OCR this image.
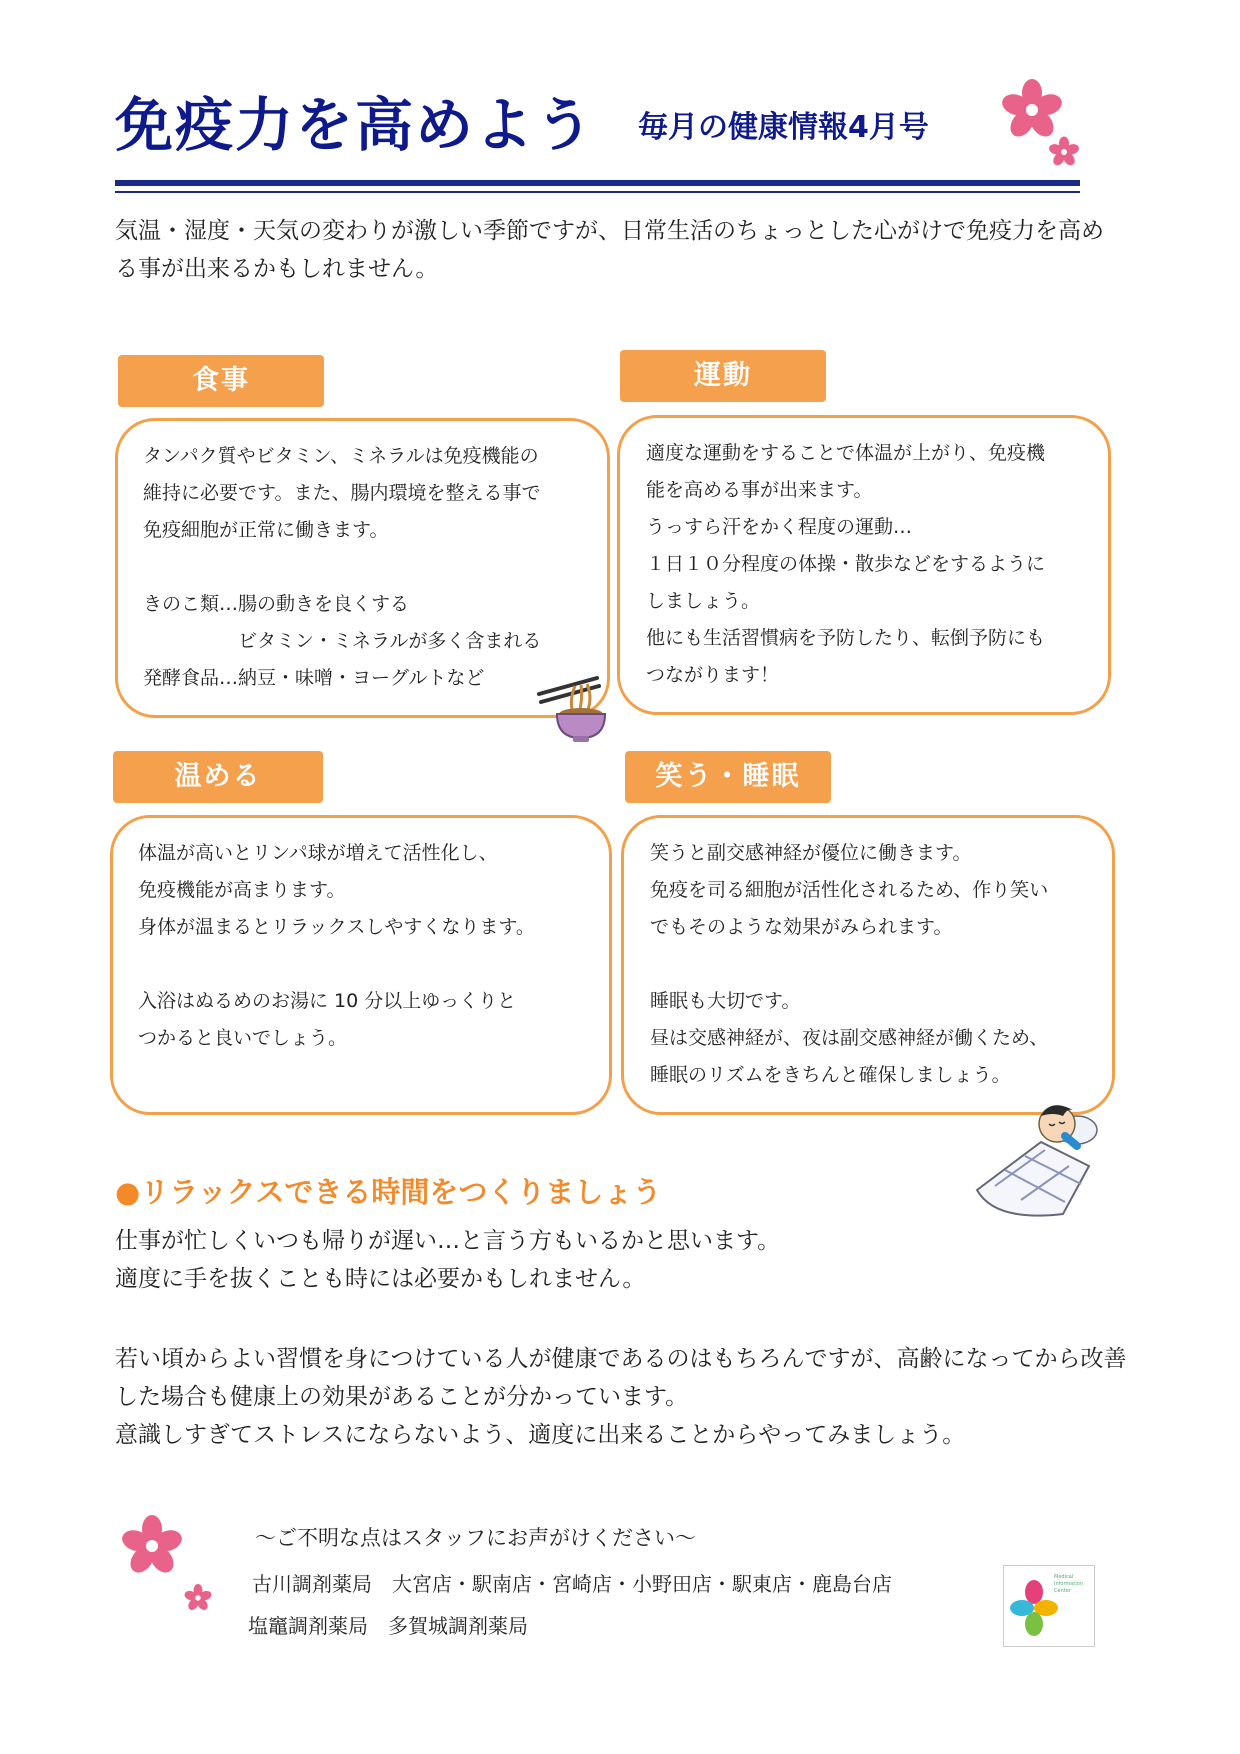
免疫力を高めよう 毎月の健康情報4月号
気温・湿度・天気の変わりが激しい季節ですが、日常生活のちょっとした心がけで免疫力を高める事が出来るかもしれません。
食事
タンパク質やビタミン、ミネラルは免疫機能の
維持に必要です。また、腸内環境を整える事で
免疫細胞が正常に働きます。

きのこ類…腸の動きを良くする
　　　　　ビタミン・ミネラルが多く含まれる
発酵食品…納豆・味噌・ヨーグルトなど
運動
適度な運動をすることで体温が上がり、免疫機
能を高める事が出来ます。
うっすら汗をかく程度の運動…
１日１０分程度の体操・散歩などをするように
しましょう。
他にも生活習慣病を予防したり、転倒予防にも
つながります！
温める
体温が高いとリンパ球が増えて活性化し、
免疫機能が高まります。
身体が温まるとリラックスしやすくなります。

入浴はぬるめのお湯に 10 分以上ゆっくりと
つかると良いでしょう。
笑う・睡眠
笑うと副交感神経が優位に働きます。
免疫を司る細胞が活性化されるため、作り笑い
でもそのような効果がみられます。

睡眠も大切です。
昼は交感神経が、夜は副交感神経が働くため、
睡眠のリズムをきちんと確保しましょう。
●リラックスできる時間をつくりましょう
仕事が忙しくいつも帰りが遅い…と言う方もいるかと思います。
適度に手を抜くことも時には必要かもしれません。
若い頃からよい習慣を身につけている人が健康であるのはもちろんですが、高齢になってから改善した場合も健康上の効果があることが分かっています。
意識しすぎてストレスにならないよう、適度に出来ることからやってみましょう。
～ご不明な点はスタッフにお声がけください～
古川調剤薬局　大宮店・駅南店・宮崎店・小野田店・駅東店・鹿島台店
塩竈調剤薬局　多賀城調剤薬局
Medical Information Center
